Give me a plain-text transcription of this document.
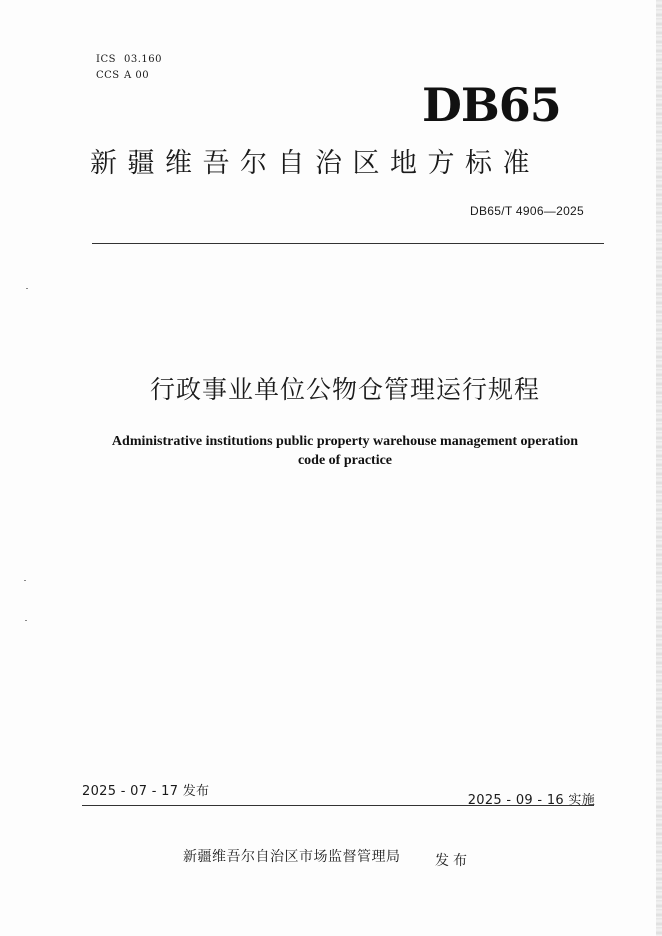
ICS 03.160
CCS A 00
DB65
新疆维吾尔自治区地方标准
DB65/T 4906—2025
行政事业单位公物仓管理运行规程
Administrative institutions public property warehouse management operation
code of practice
2025 - 07 - 17 发布
2025 - 09 - 16 实施
新疆维吾尔自治区市场监督管理局 发布
